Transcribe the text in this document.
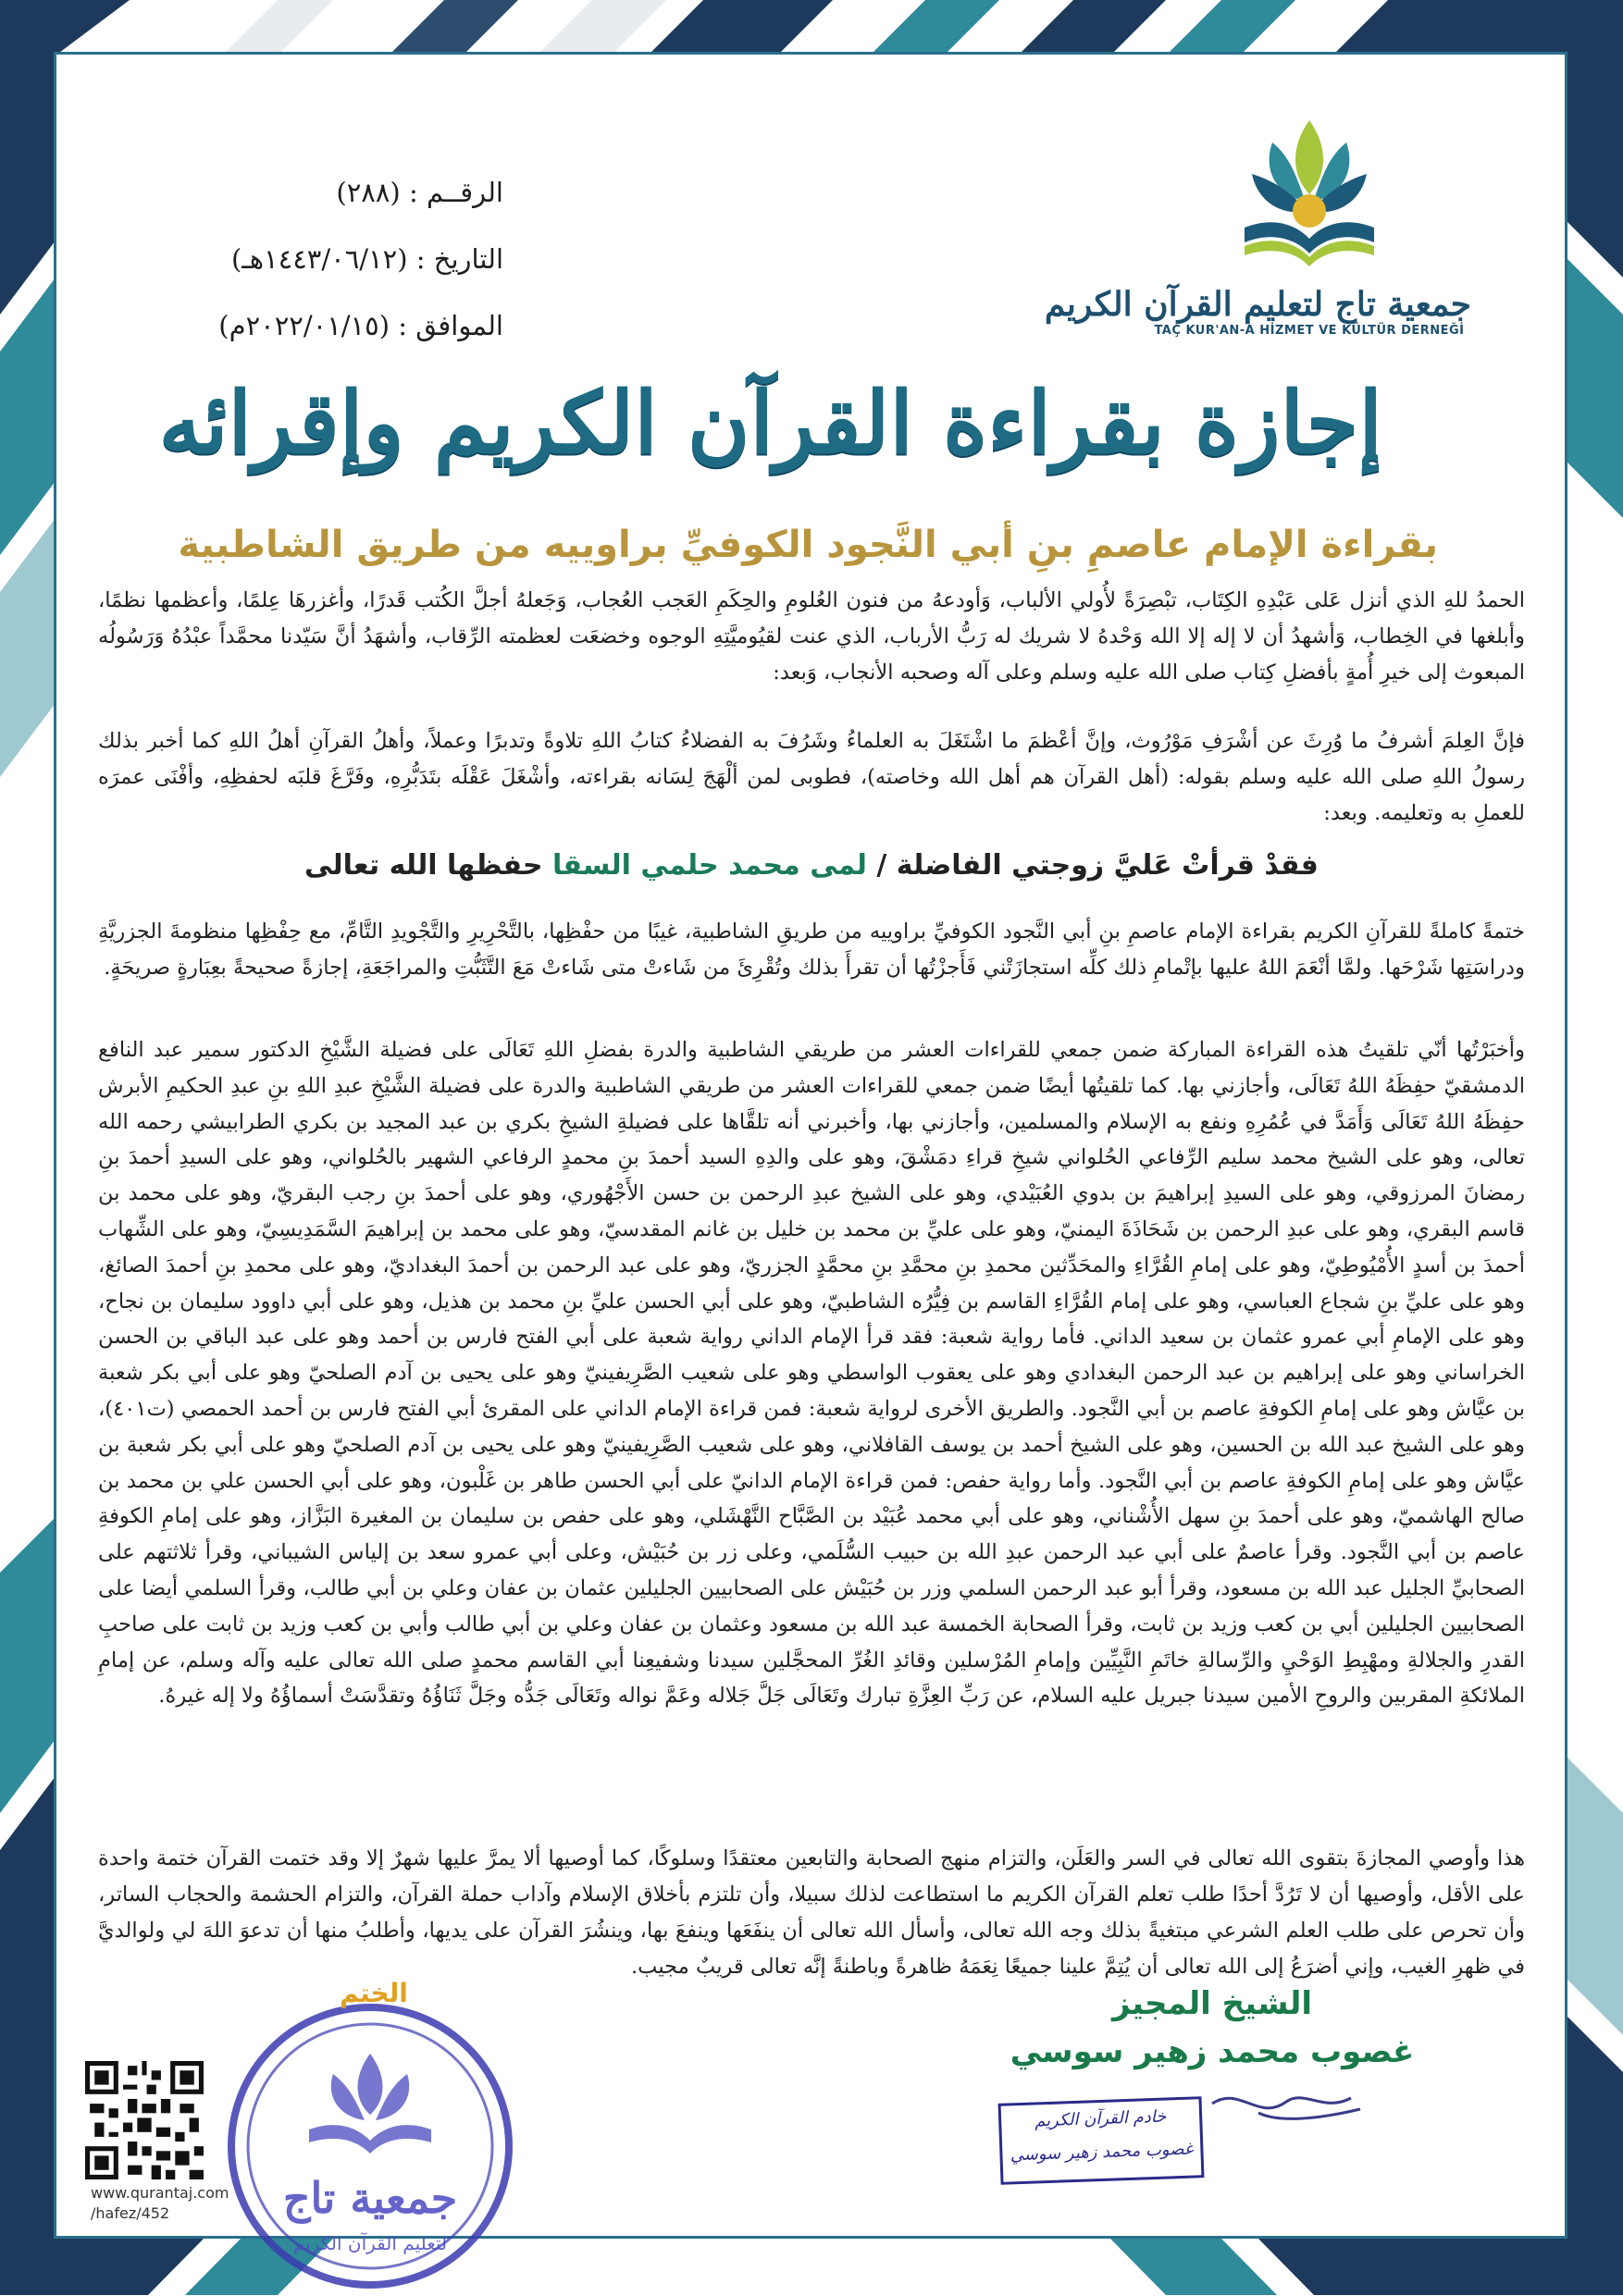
الرقــم : (٢٨٨)
التاريخ : (١٤٤٣/٠٦/١٢هـ)
الموافق : (٢٠٢٢/٠١/١٥م)
جمعية تاج لتعليم القرآن الكريم
TAÇ KUR'AN-A HİZMET VE KÜLTÜR DERNEĞİ
إجازة بقراءة القرآن الكريم وإقرائه
بقراءة الإمام عاصمِ بنِ أبي النَّجود الكوفيِّ براوييه من طريق الشاطبية

الحمدُ للهِ الذي أنزل عَلى عَبْدِهِ الكِتَاب، تبْصِرَةً لأُولي الألباب، وَأودعهُ من فنون العُلومِ والحِكَمِ العَجب العُجاب، وَجَعلهُ أجلَّ الكُتب قَدرًا، وأغزرهَا عِلمًا، وأعظمها نظمًا، وأبلغها في الخِطاب، وَأشهدُ أن لا إله إلا الله وَحْدهُ لا شريك له رَبُّ الأرباب، الذي عنت لقيُوميَّتِهِ الوجوه وخضعَت لعظمته الرِّقاب، وأشهَدُ أنَّ سَيّدنا محمَّداً عبْدُهُ وَرَسُولُه المبعوث إلى خيرِ أُمةٍ بأفضلِ كِتاب صلى الله عليه وسلم وعلى آله وصحبه الأنجاب، وَبعد:

فإنَّ العِلمَ أشرفُ ما وُرِثَ عن أشْرَفِ مَوْرُوث، وإنَّ أعْظمَ ما اشْتَغَلَ به العلماءُ وشَرُفَ به الفضلاءُ كتابُ اللهِ تلاوةً وتدبرًا وعملاً، وأهلُ القرآنِ أهلُ اللهِ كما أخبر بذلك رسولُ اللهِ صلى الله عليه وسلم بقوله: (أهل القرآن هم أهل الله وخاصته)، فطوبى لمن ألْهَجَ لِسَانه بقراءته، وأشْغَلَ عَقْلَه بتَدَبُّرِهِ، وفَرَّغَ قلبَه لحفظِهِ، وأفْنَى عمرَه للعملِ به وتعليمه. وبعد:

فقدْ قرأتْ عَليَّ زوجتي الفاضلة / لمى محمد حلمي السقا حفظها الله تعالى

ختمةً كاملةً للقرآنِ الكريم بقراءة الإمام عاصمِ بنِ أبي النَّجود الكوفيِّ براوييه من طريقِ الشاطبية، غيبًا من حفْظِها، بالتَّحْرِيرِ والتَّجْويدِ التَّامِّ، مع حِفْظِها منظومةَ الجزريَّةِ ودراسَتِها شَرْحَها. ولمَّا أنْعَمَ اللهُ عليها بإتْمامِ ذلك كلِّه استجازَتْني فَأَجزْتُها أن تقرأَ بذلك وتُقْرِئَ من شَاءتْ متى شَاءتْ مَعَ التَّثَبُّتِ والمراجَعَةِ، إجازةً صحيحةً بعِبَارةٍ صريحَةٍ.

وأخبَرْتُها أنّي تلقيتُ هذه القراءة المباركة ضمن جمعي للقراءات العشر من طريقي الشاطبية والدرة بفضلِ اللهِ تَعَالَى على فضيلة الشَّيْخِ الدكتور سمير عبد النافع الدمشقيّ حفِظَهُ اللهُ تَعَالَى، وأجازني بها. كما تلقيتُها أيضًا ضمن جمعي للقراءات العشر من طريقي الشاطبية والدرة على فضيلة الشَّيْخِ عبدِ اللهِ بنِ عبدِ الحكيمِ الأبرش حفِظَهُ اللهُ تَعَالَى وَأَمَدَّ في عُمُرِهِ ونفع به الإسلام والمسلمين، وأجازني بها، وأخبرني أنه تلقَّاها على فضيلةِ الشيخِ بكري بن عبد المجيد بن بكري الطرابيشي رحمه الله تعالى، وهو على الشيخ محمد سليم الرِّفاعي الحُلواني شيخِ قراءِ دمَشْقَ، وهو على والدِهِ السيد أحمدَ بنِ محمدٍ الرفاعي الشهير بالحُلواني، وهو على السيدِ أحمدَ بنِ رمضانَ المرزوقي، وهو على السيدِ إبراهيمَ بن بدوي العُبَيْدي، وهو على الشيخ عبدِ الرحمن بن حسن الأَجْهُوري، وهو على أحمدَ بنِ رجب البقريّ، وهو على محمد بن قاسم البقري، وهو على عبدِ الرحمن بن شَحَاذَةَ اليمنيّ، وهو على عليِّ بن محمد بن خليل بن غانم المقدسيّ، وهو على محمد بن إبراهيمَ السَّمَدِيسِيّ، وهو على الشِّهاب أحمدَ بن أسدٍ الأُمْيُوطِيّ، وهو على إمامِ القُرَّاءِ والمحَدِّثين محمدِ بنِ محمَّدِ بنِ محمَّدٍ الجزريّ، وهو على عبد الرحمن بن أحمدَ البغداديّ، وهو على محمدِ بنِ أحمدَ الصائغ، وهو على عليِّ بنِ شجاع العباسي، وهو على إمام القُرَّاءِ القاسم بن فِيُّرُه الشاطبيّ، وهو على أبي الحسن عليِّ بنِ محمد بن هذيل، وهو على أبي داوود سليمان بن نجاح، وهو على الإمامِ أبي عمرو عثمان بن سعيد الداني. فأما رواية شعبة: فقد قرأ الإمام الداني رواية شعبة على أبي الفتح فارس بن أحمد وهو على عبد الباقي بن الحسن الخراساني وهو على إبراهيم بن عبد الرحمن البغدادي وهو على يعقوب الواسطي وهو على شعيب الصَّرِيفينيّ وهو على يحيى بن آدم الصلحيّ وهو على أبي بكر شعبة بن عيَّاش وهو على إمامِ الكوفةِ عاصم بن أبي النَّجود. والطريق الأخرى لرواية شعبة: فمن قراءة الإمام الداني على المقرئ أبي الفتح فارس بن أحمد الحمصي (ت٤٠١)، وهو على الشيخ عبد الله بن الحسين، وهو على الشيخ أحمد بن يوسف القافلاني، وهو على شعيب الصَّرِيفينيّ وهو على يحيى بن آدم الصلحيّ وهو على أبي بكر شعبة بن عيَّاش وهو على إمامِ الكوفةِ عاصم بن أبي النَّجود. وأما رواية حفص: فمن قراءة الإمام الدانيّ على أبي الحسن طاهر بن غَلْبون، وهو على أبي الحسن علي بن محمد بن صالح الهاشميّ، وهو على أحمدَ بنِ سهل الأُشْناني، وهو على أبي محمد عُبَيْد بن الصَّبَّاح النَّهْشَلي، وهو على حفص بن سليمان بن المغيرة البَزَّاز، وهو على إمامِ الكوفةِ عاصم بن أبي النَّجود. وقرأ عاصمٌ على أبي عبد الرحمن عبدِ الله بن حبيب السُّلَمي، وعلى زر بن حُبَيْش، وعلى أبي عمرو سعد بن إلياس الشيباني، وقرأ ثلاثتهم على الصحابيِّ الجليل عبد الله بن مسعود، وقرأ أبو عبد الرحمن السلمي وزر بن حُبَيْش على الصحابيين الجليلين عثمان بن عفان وعلي بن أبي طالب، وقرأ السلمي أيضا على الصحابيين الجليلين أبي بن كعب وزيد بن ثابت، وقرأ الصحابة الخمسة عبد الله بن مسعود وعثمان بن عفان وعلي بن أبي طالب وأبي بن كعب وزيد بن ثابت على صاحبِ القدرِ والجلالةِ ومهْبِطِ الوَحْيِ والرِّسالةِ خاتَمِ النَّبِيِّين وإمامِ المُرْسلين وقائدِ الغُرِّ المحجَّلين سيدنا وشفيعِنا أبي القاسم محمدٍ صلى الله تعالى عليه وآله وسلم، عن إمامِ الملائكةِ المقربين والروحِ الأمين سيدنا جبريل عليه السلام، عن رَبِّ العِزَّةِ تبارك وتَعَالَى جَلَّ جَلاله وعَمَّ نواله وتَعَالَى جَدُّه وجَلَّ ثَنَاؤُهُ وتقدَّسَتْ أسماؤُهُ ولا إله غيرهُ.

هذا وأوصي المجازةَ بتقوى الله تعالى في السر والعَلَن، والتزام منهج الصحابة والتابعين معتقدًا وسلوكًا، كما أوصيها ألا يمرَّ عليها شهرٌ إلا وقد ختمت القرآن ختمة واحدة على الأقل، وأوصيها أن لا تَرُدَّ أحدًا طلب تعلم القرآن الكريم ما استطاعت لذلك سبيلا، وأن تلتزم بأخلاق الإسلام وآداب حملة القرآن، والتزام الحشمة والحجاب الساتر، وأن تحرص على طلب العلم الشرعي مبتغيةً بذلك وجه الله تعالى، وأسأل الله تعالى أن ينفَعَها وينفعَ بها، وينشُرَ القرآن على يديها، وأطلبُ منها أن تدعوَ اللهَ لي ولوالديَّ في ظهرِ الغيب، وإني أضرَعُ إلى الله تعالى أن يُتِمَّ علينا جميعًا نِعَمَهُ ظاهرةً وباطنةً إنَّه تعالى قريبٌ مجيب.

الشيخ المجيز
غصوب محمد زهير سوسي
خادم القرآن الكريم
غصوب محمد زهير سوسي
الختم
جمعية تاج
لتعليم القرآن الكريم
www.qurantaj.com
/hafez/452
